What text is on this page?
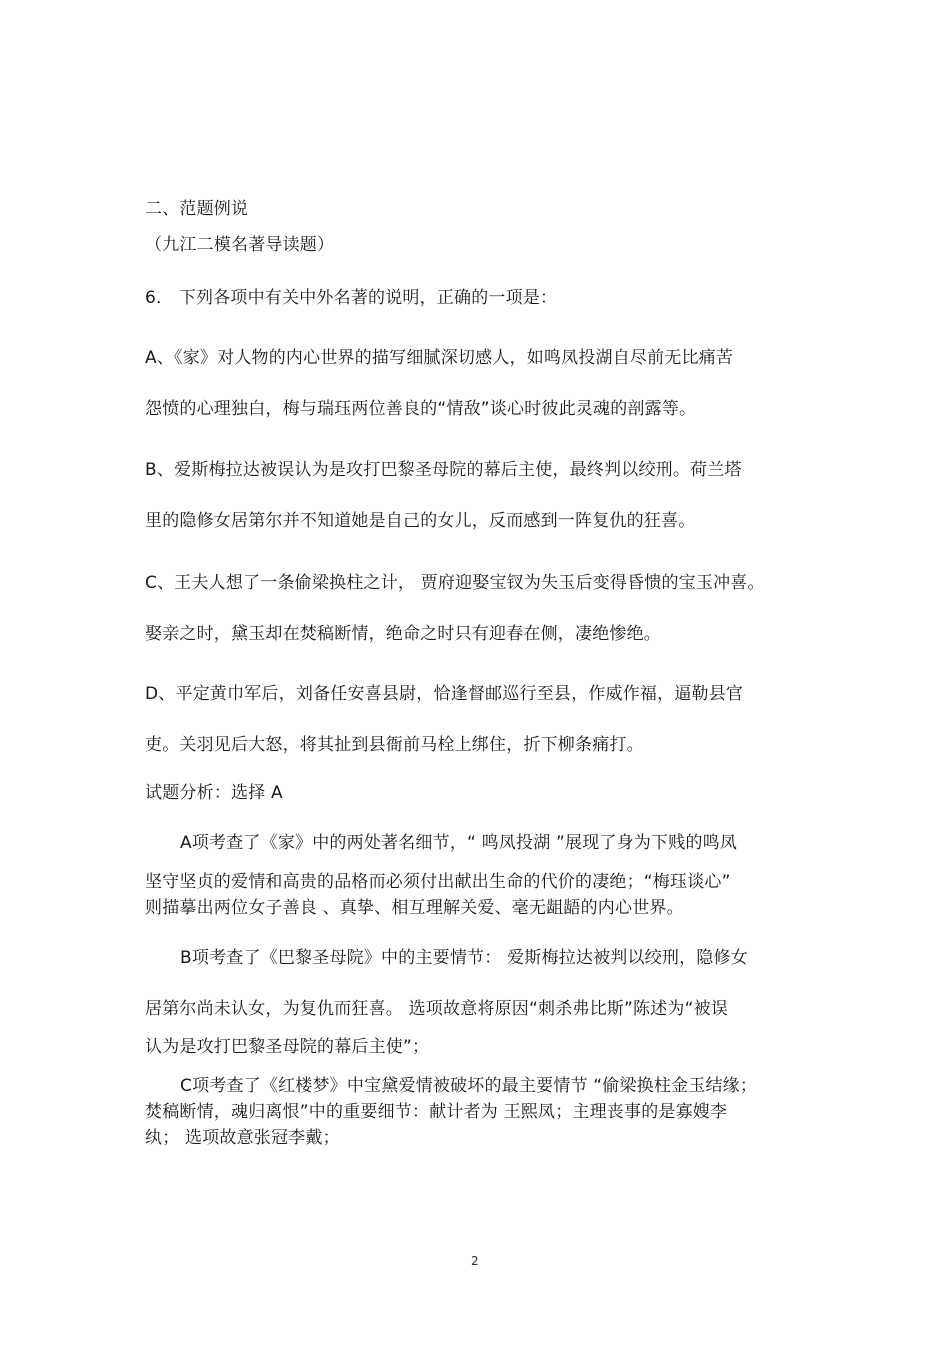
二、范题例说
（九江二模名著导读题）
6． 下列各项中有关中外名著的说明，正确的一项是：
A、《家》对人物的内心世界的描写细腻深切感人，如鸣凤投湖自尽前无比痛苦
怨愤的心理独白，梅与瑞珏两位善良的“情敌”谈心时彼此灵魂的剖露等。
B、爱斯梅拉达被误认为是攻打巴黎圣母院的幕后主使，最终判以绞刑。荷兰塔
里的隐修女居第尔并不知道她是自己的女儿，反而感到一阵复仇的狂喜。
C、王夫人想了一条偷梁换柱之计， 贾府迎娶宝钗为失玉后变得昏愦的宝玉冲喜。
娶亲之时，黛玉却在焚稿断情，绝命之时只有迎春在侧，凄绝惨绝。
D、平定黄巾军后，刘备任安喜县尉，恰逢督邮巡行至县，作威作福，逼勒县官
吏。关羽见后大怒，将其扯到县衙前马栓上绑住，折下柳条痛打。
试题分析：选择 A
A项考查了《家》中的两处著名细节，“ 鸣凤投湖 ”展现了身为下贱的鸣凤
坚守坚贞的爱情和高贵的品格而必须付出献出生命的代价的凄绝；“梅珏谈心”
则描摹出两位女子善良 、真挚、相互理解关爱、毫无龃龉的内心世界。
B项考查了《巴黎圣母院》中的主要情节： 爱斯梅拉达被判以绞刑，隐修女
居第尔尚未认女，为复仇而狂喜。 选项故意将原因“刺杀弗比斯”陈述为“被误
认为是攻打巴黎圣母院的幕后主使”；
C项考查了《红楼梦》中宝黛爱情被破坏的最主要情节 “偷梁换柱金玉结缘；
焚稿断情，魂归离恨”中的重要细节：献计者为 王熙凤；主理丧事的是寡嫂李
纨； 选项故意张冠李戴；
2
